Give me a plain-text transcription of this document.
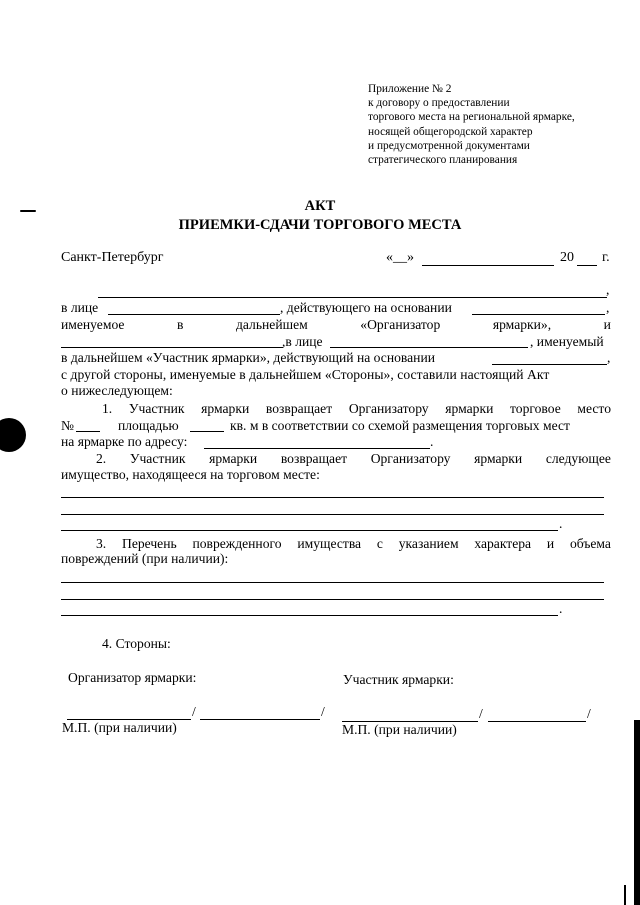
Приложение № 2
к договору о предоставлении
торгового места на региональной ярмарке,
носящей общегородской характер
и предусмотренной документами
стратегического планирования
АКТ
ПРИЕМКИ-СДАЧИ ТОРГОВОГО МЕСТА
Санкт-Петербург	«__»	20 г.
,
в лице	, действующего на основании	,
именуемое	в	дальнейшем	«Организатор	ярмарки»,	и
,в лице	, именуемый
в дальнейшем «Участник ярмарки», действующий на основании	,
с другой стороны, именуемые в дальнейшем «Стороны», составили настоящий Акт
о нижеследующем:
1. Участник ярмарки возвращает Организатору ярмарки торговое место
№	площадью	кв. м в соответствии со схемой размещения торговых мест
на ярмарке по адресу:	.
2. Участник ярмарки возвращает Организатору ярмарки следующее
имущество, находящееся на торговом месте:
.
3. Перечень поврежденного имущества с указанием характера и объема
повреждений (при наличии):
.
4. Стороны:
Организатор ярмарки:	Участник ярмарки:
/	/	/	/
М.П. (при наличии)	М.П. (при наличии)
